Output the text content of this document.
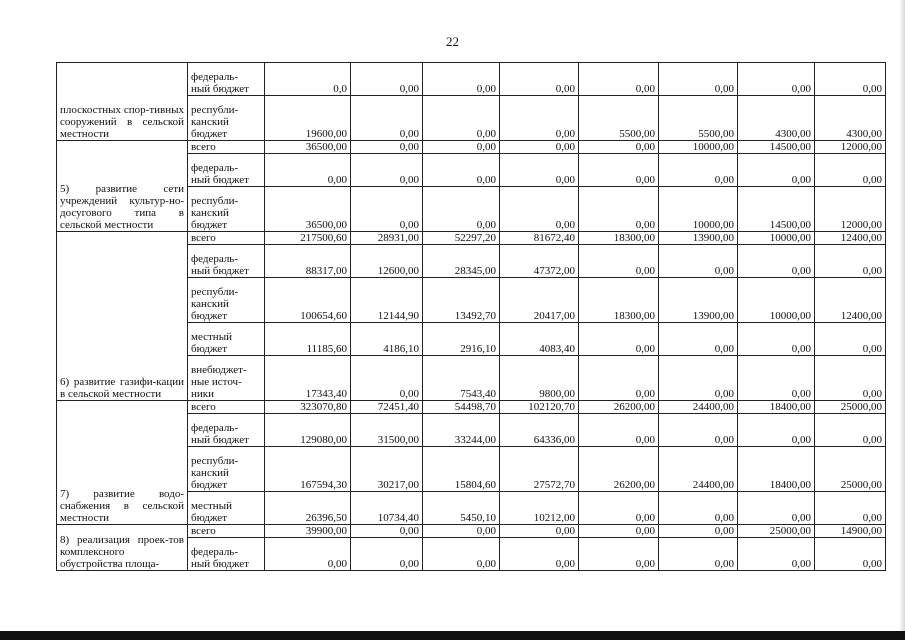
22
плоскостных спор-тивных сооружений в сельской местности	федераль-
ный бюджет	0,0	0,00	0,00	0,00	0,00	0,00	0,00	0,00
	республи-
канский
бюджет	19600,00	0,00	0,00	0,00	5500,00	5500,00	4300,00	4300,00
5) развитие сети учреждений культур-но-досугового типа в сельской местности	всего	36500,00	0,00	0,00	0,00	0,00	10000,00	14500,00	12000,00
	федераль-
ный бюджет	0,00	0,00	0,00	0,00	0,00	0,00	0,00	0,00
	республи-
канский
бюджет	36500,00	0,00	0,00	0,00	0,00	10000,00	14500,00	12000,00
6) развитие газифи-кации в сельской местности	всего	217500,60	28931,00	52297,20	81672,40	18300,00	13900,00	10000,00	12400,00
	федераль-
ный бюджет	88317,00	12600,00	28345,00	47372,00	0,00	0,00	0,00	0,00
	республи-
канский
бюджет	100654,60	12144,90	13492,70	20417,00	18300,00	13900,00	10000,00	12400,00
	местный
бюджет	11185,60	4186,10	2916,10	4083,40	0,00	0,00	0,00	0,00
	внебюджет-
ные источ-
ники	17343,40	0,00	7543,40	9800,00	0,00	0,00	0,00	0,00
7) развитие водо-снабжения в сельской местности	всего	323070,80	72451,40	54498,70	102120,70	26200,00	24400,00	18400,00	25000,00
	федераль-
ный бюджет	129080,00	31500,00	33244,00	64336,00	0,00	0,00	0,00	0,00
	республи-
канский
бюджет	167594,30	30217,00	15804,60	27572,70	26200,00	24400,00	18400,00	25000,00
	местный
бюджет	26396,50	10734,40	5450,10	10212,00	0,00	0,00	0,00	0,00
8) реализация проек-тов комплексного обустройства площа-	всего	39900,00	0,00	0,00	0,00	0,00	0,00	25000,00	14900,00
	федераль-
ный бюджет	0,00	0,00	0,00	0,00	0,00	0,00	0,00	0,00
